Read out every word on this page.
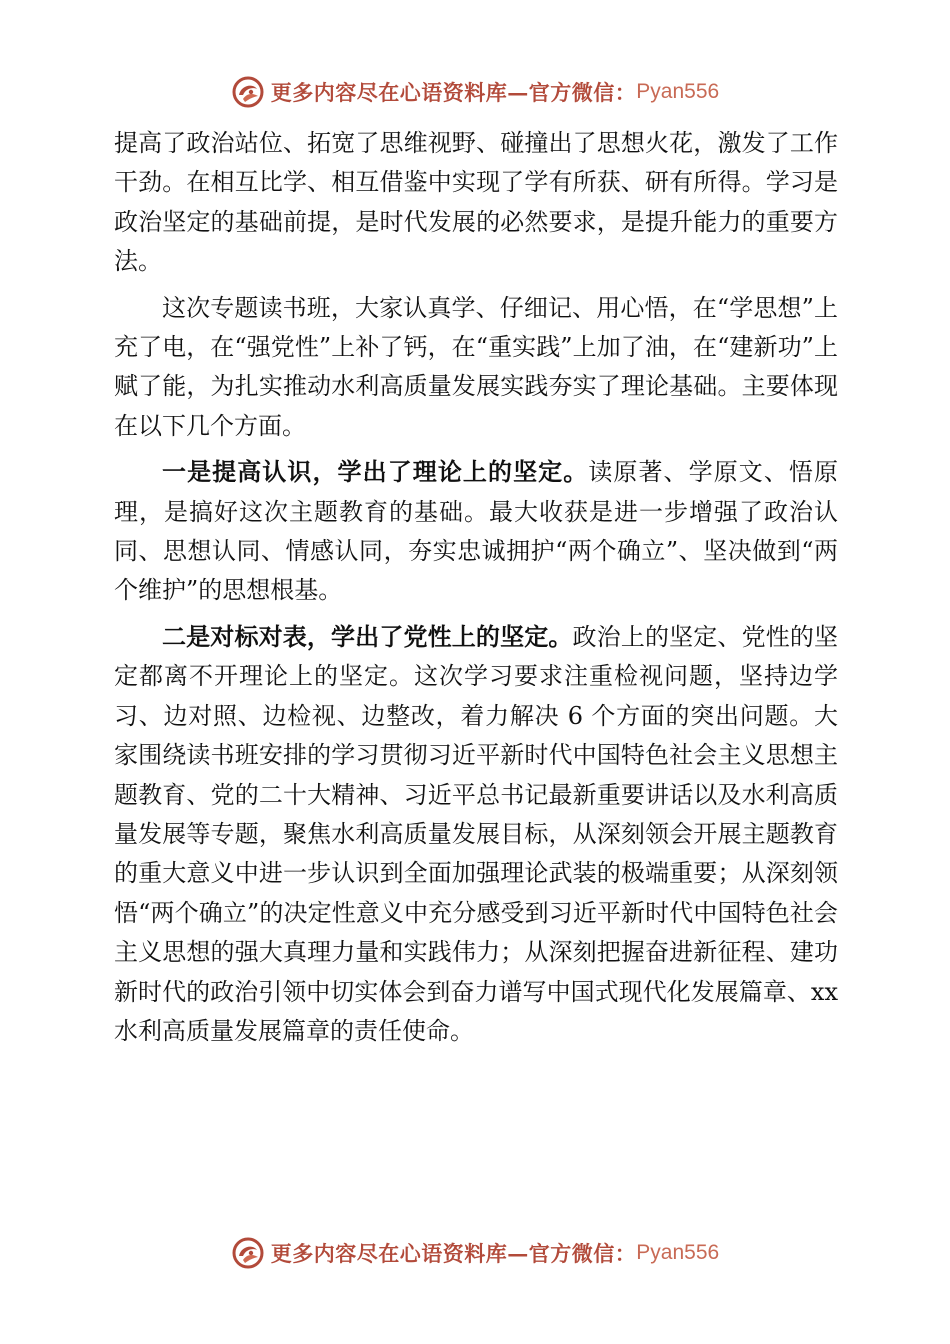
更多内容尽在心语资料库—官方微信： Pyan556

提高了政治站位、拓宽了思维视野、碰撞出了思想火花，激发了工作干劲。在相互比学、相互借鉴中实现了学有所获、研有所得。学习是政治坚定的基础前提，是时代发展的必然要求，是提升能力的重要方法。

这次专题读书班，大家认真学、仔细记、用心悟，在“学思想”上充了电，在“强党性”上补了钙，在“重实践”上加了油，在“建新功”上赋了能，为扎实推动水利高质量发展实践夯实了理论基础。主要体现在以下几个方面。

一是提高认识，学出了理论上的坚定。读原著、学原文、悟原理，是搞好这次主题教育的基础。最大收获是进一步增强了政治认同、思想认同、情感认同，夯实忠诚拥护“两个确立”、坚决做到“两个维护”的思想根基。

二是对标对表，学出了党性上的坚定。政治上的坚定、党性的坚定都离不开理论上的坚定。这次学习要求注重检视问题，坚持边学习、边对照、边检视、边整改，着力解决 6 个方面的突出问题。大家围绕读书班安排的学习贯彻习近平新时代中国特色社会主义思想主题教育、党的二十大精神、习近平总书记最新重要讲话以及水利高质量发展等专题，聚焦水利高质量发展目标，从深刻领会开展主题教育的重大意义中进一步认识到全面加强理论武装的极端重要；从深刻领悟“两个确立”的决定性意义中充分感受到习近平新时代中国特色社会主义思想的强大真理力量和实践伟力；从深刻把握奋进新征程、建功新时代的政治引领中切实体会到奋力谱写中国式现代化发展篇章、xx 水利高质量发展篇章的责任使命。

更多内容尽在心语资料库—官方微信： Pyan556
